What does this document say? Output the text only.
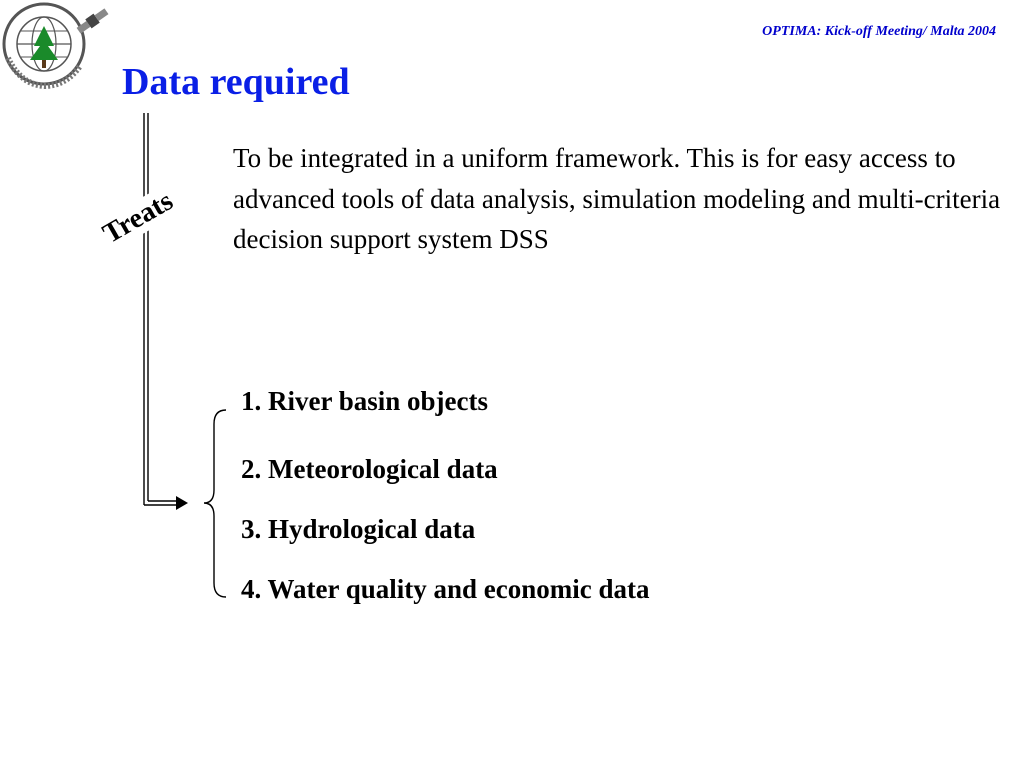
OPTIMA: Kick-off Meeting/ Malta 2004
Data required

To be integrated in a uniform framework. This is for easy access to advanced tools of data analysis, simulation modeling and multi-criteria decision support system DSS

Treats
1. River basin objects
2. Meteorological data
3. Hydrological data
4. Water quality and economic data
